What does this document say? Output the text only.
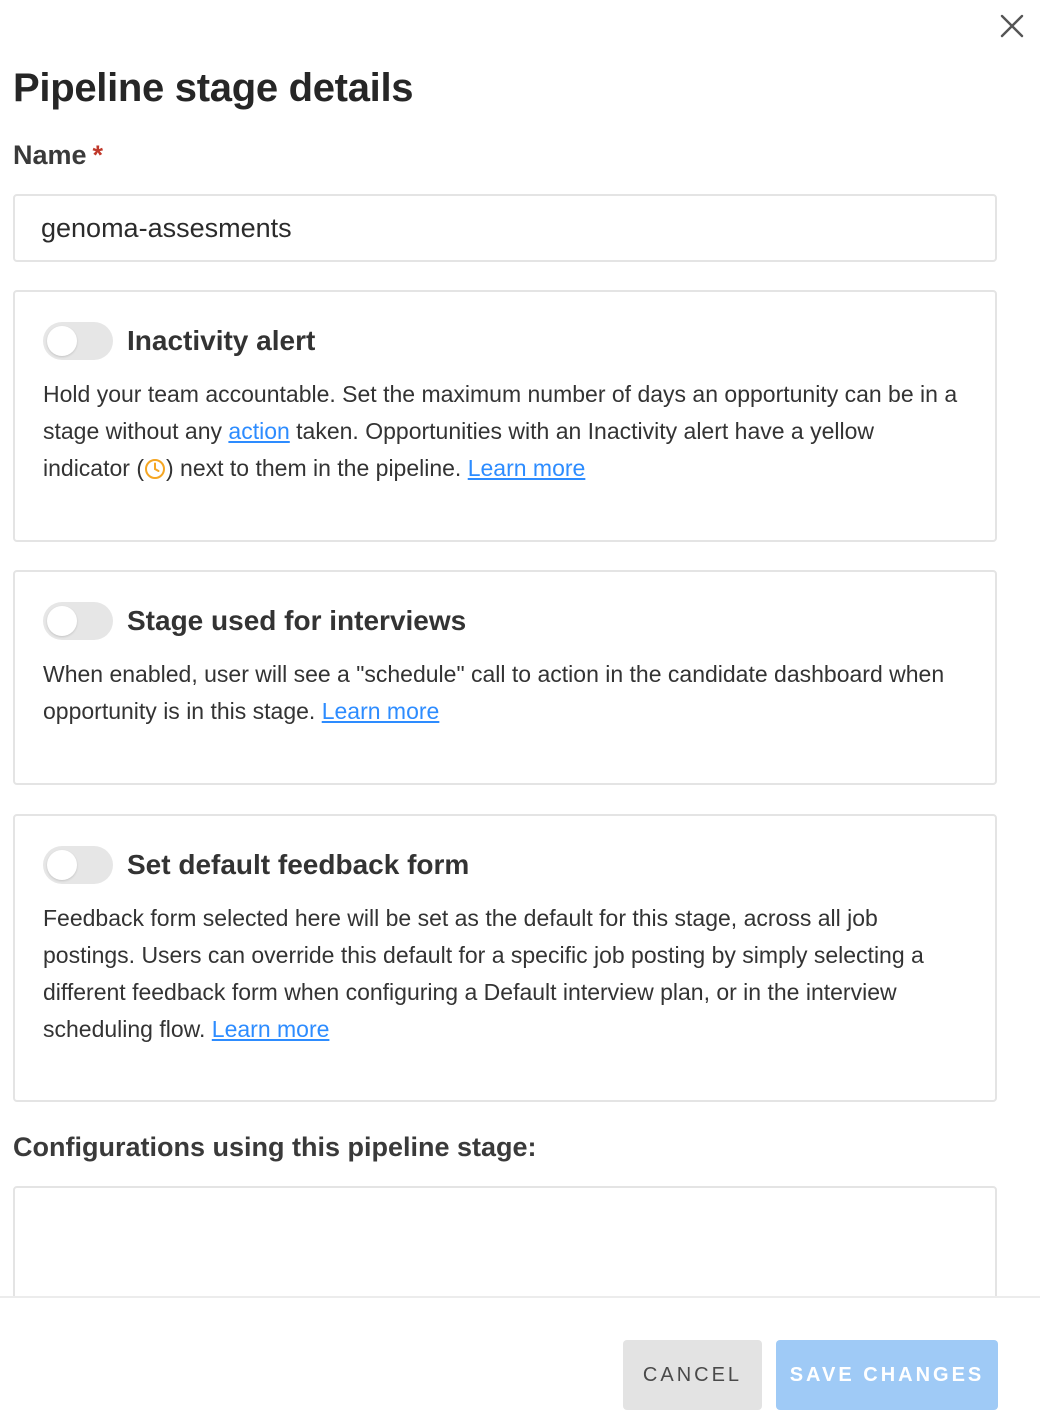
Pipeline stage details
Name *
genoma-assesments
Inactivity alert
Hold your team accountable. Set the maximum number of days an opportunity can be in a stage without any action taken. Opportunities with an Inactivity alert have a yellow indicator ( ) next to them in the pipeline. Learn more
Stage used for interviews
When enabled, user will see a "schedule" call to action in the candidate dashboard when opportunity is in this stage. Learn more
Set default feedback form
Feedback form selected here will be set as the default for this stage, across all job postings. Users can override this default for a specific job posting by simply selecting a different feedback form when configuring a Default interview plan, or in the interview scheduling flow. Learn more
Configurations using this pipeline stage:
CANCEL	SAVE CHANGES
